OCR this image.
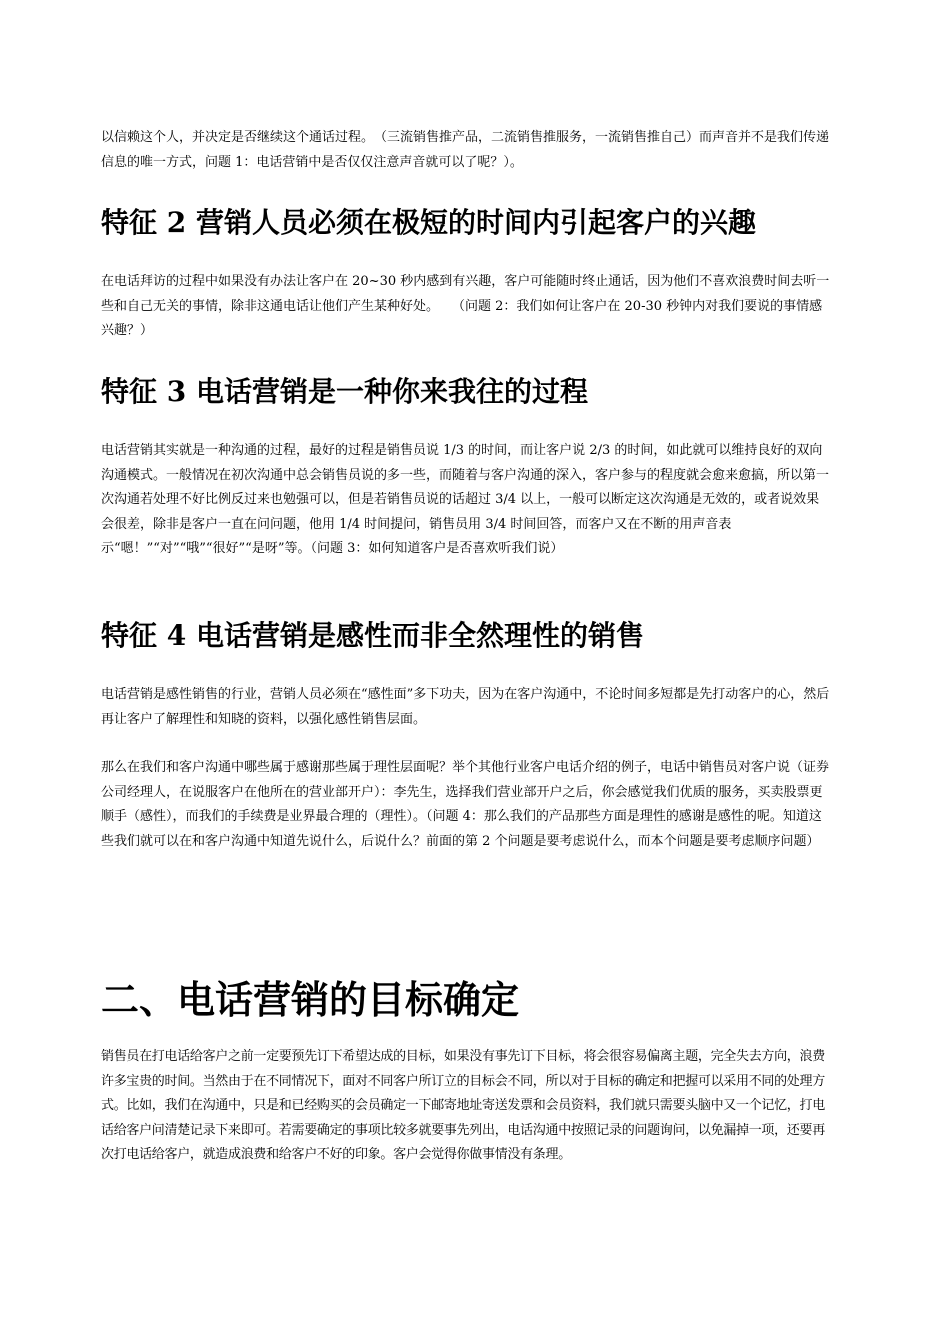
以信赖这个人，并决定是否继续这个通话过程。　（三流销售推产品，二流销售推服务，一流销售推自己）而声音并不是我们传递信息的唯一方式，问题 1：电话营销中是否仅仅注意声音就可以了呢？）。

特征 2 营销人员必须在极短的时间内引起客户的兴趣

在电话拜访的过程中如果没有办法让客户在 20~30 秒内感到有兴趣，客户可能随时终止通话，因为他们不喜欢浪费时间去听一些和自己无关的事情，除非这通电话让他们产生某种好处。　　（问题 2：我们如何让客户在 20-30 秒钟内对我们要说的事情感兴趣？）

特征 3 电话营销是一种你来我往的过程

电话营销其实就是一种沟通的过程，最好的过程是销售员说 1/3 的时间，而让客户说 2/3 的时间，如此就可以维持良好的双向沟通模式。一般情况在初次沟通中总会销售员说的多一些，而随着与客户沟通的深入，客户参与的程度就会愈来愈搞，所以第一次沟通若处理不好比例反过来也勉强可以，但是若销售员说的话超过 3/4 以上，一般可以断定这次沟通是无效的，或者说效果会很差，除非是客户一直在问问题，他用 1/4 时间提问，销售员用 3/4 时间回答，而客户又在不断的用声音表示“嗯！”“对”“哦”“很好”“是呀”等。（问题 3：如何知道客户是否喜欢听我们说）

特征 4 电话营销是感性而非全然理性的销售

电话营销是感性销售的行业，营销人员必须在“感性面”多下功夫，因为在客户沟通中，不论时间多短都是先打动客户的心，然后再让客户了解理性和知晓的资料，以强化感性销售层面。

那么在我们和客户沟通中哪些属于感谢那些属于理性层面呢？举个其他行业客户电话介绍的例子，电话中销售员对客户说（证券公司经理人，在说服客户在他所在的营业部开户）：李先生，选择我们营业部开户之后，你会感觉我们优质的服务，买卖股票更顺手（感性），而我们的手续费是业界最合理的（理性）。（问题 4：那么我们的产品那些方面是理性的感谢是感性的呢。知道这些我们就可以在和客户沟通中知道先说什么，后说什么？前面的第 2 个问题是要考虑说什么，而本个问题是要考虑顺序问题）

二、电话营销的目标确定

销售员在打电话给客户之前一定要预先订下希望达成的目标，如果没有事先订下目标，将会很容易偏离主题，完全失去方向，浪费许多宝贵的时间。当然由于在不同情况下，面对不同客户所订立的目标会不同，所以对于目标的确定和把握可以采用不同的处理方式。比如，我们在沟通中，只是和已经购买的会员确定一下邮寄地址寄送发票和会员资料，我们就只需要头脑中又一个记忆，打电话给客户问清楚记录下来即可。若需要确定的事项比较多就要事先列出，电话沟通中按照记录的问题询问，以免漏掉一项，还要再次打电话给客户，就造成浪费和给客户不好的印象。客户会觉得你做事情没有条理。
